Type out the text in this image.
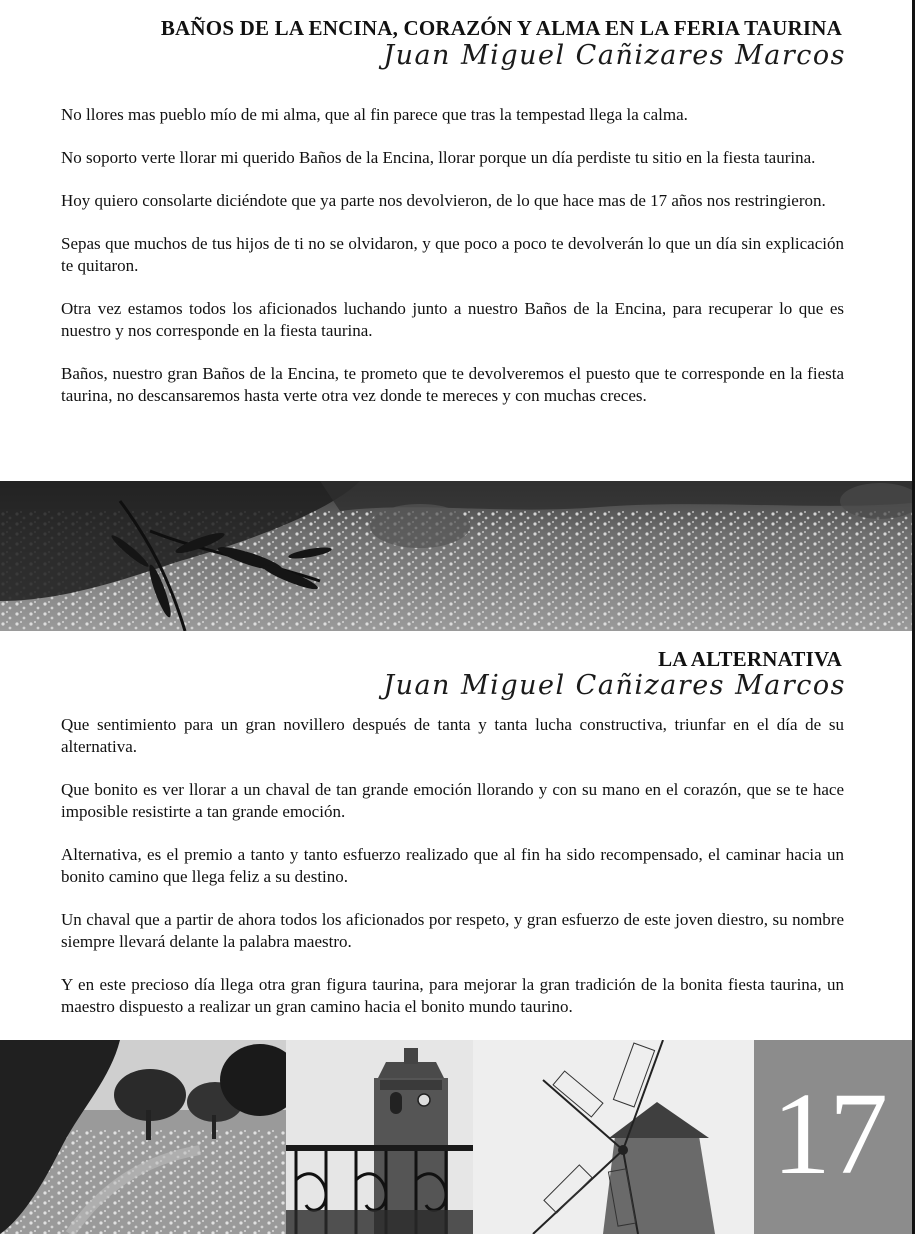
BAÑOS DE LA ENCINA, CORAZÓN Y ALMA EN LA FERIA TAURINA
Juan Miguel Cañizares Marcos

No llores mas pueblo mío de mi alma, que al fin parece que tras la tempestad llega la calma.

No soporto verte llorar mi querido Baños de la Encina, llorar porque un día perdiste tu sitio en la fiesta taurina.

Hoy quiero consolarte diciéndote que ya parte nos devolvieron, de lo que hace mas de 17 años nos restringieron.

Sepas que muchos de tus hijos de ti no se olvidaron, y que poco a poco te devolverán lo que un día sin explicación te quitaron.

Otra vez estamos todos los aficionados luchando junto a nuestro Baños de la Encina, para recuperar lo que es nuestro y nos corresponde en la fiesta taurina.

Baños, nuestro gran Baños de la Encina, te prometo que te devolveremos el puesto que te corresponde en la fiesta taurina, no descansaremos hasta verte otra vez donde te mereces y con muchas creces.

LA ALTERNATIVA
Juan Miguel Cañizares Marcos

Que sentimiento para un gran novillero después de tanta y tanta lucha constructiva, triunfar en el día de su alternativa.

Que bonito es ver llorar a un chaval de tan grande emoción llorando y con su mano en el corazón, que se te hace imposible resistirte a tan grande emoción.

Alternativa, es el premio a tanto y tanto esfuerzo realizado que al fin ha sido recompensado, el caminar hacia un bonito camino que llega feliz a su destino.

Un chaval que a partir de ahora todos los aficionados por respeto, y gran esfuerzo de este joven diestro, su nombre siempre llevará delante la palabra maestro.

Y en este precioso día llega otra gran figura taurina, para mejorar la gran tradición de la bonita fiesta taurina, un maestro dispuesto a realizar un gran camino hacia el bonito mundo taurino.

17
